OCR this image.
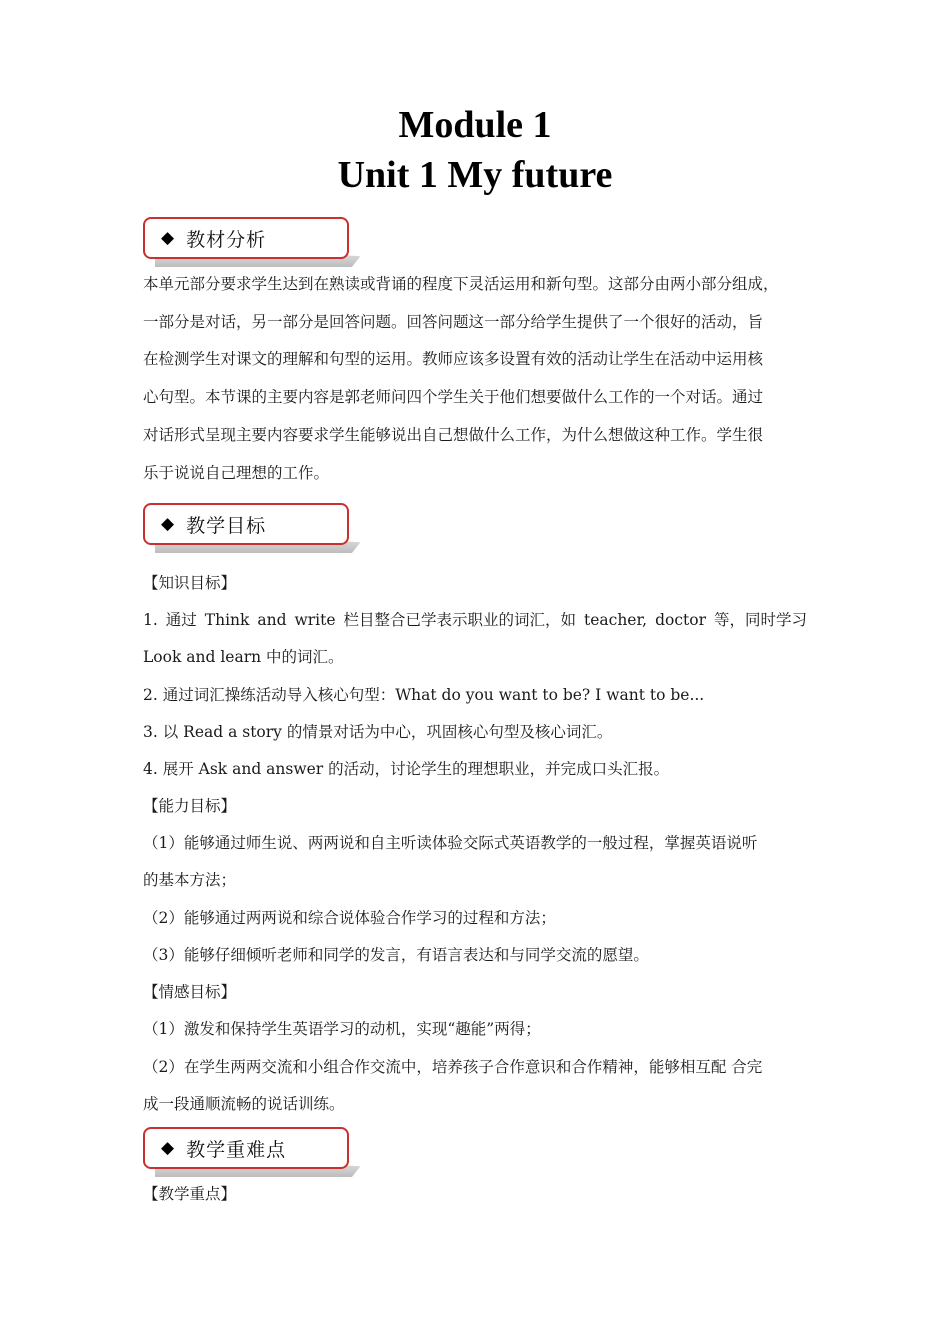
Module 1
Unit 1 My future
◆ 教材分析

本单元部分要求学生达到在熟读或背诵的程度下灵活运用和新句型。这部分由两小部分组成，

一部分是对话，另一部分是回答问题。回答问题这一部分给学生提供了一个很好的活动，旨

在检测学生对课文的理解和句型的运用。教师应该多设置有效的活动让学生在活动中运用核

心句型。本节课的主要内容是郭老师问四个学生关于他们想要做什么工作的一个对话。通过

对话形式呈现主要内容要求学生能够说出自己想做什么工作，为什么想做这种工作。学生很

乐于说说自己理想的工作。

◆ 教学目标
【知识目标】
1. 通过 Think and write 栏目整合已学表示职业的词汇，如 teacher, doctor 等，同时学习
Look and learn 中的词汇。
2. 通过词汇操练活动导入核心句型：What do you want to be? I want to be...
3. 以 Read a story 的情景对话为中心，巩固核心句型及核心词汇。
4. 展开 Ask and answer 的活动，讨论学生的理想职业，并完成口头汇报。
【能力目标】
（1）能够通过师生说、两两说和自主听读体验交际式英语教学的一般过程，掌握英语说听
的基本方法；
（2）能够通过两两说和综合说体验合作学习的过程和方法；
（3）能够仔细倾听老师和同学的发言，有语言表达和与同学交流的愿望。
【情感目标】
（1）激发和保持学生英语学习的动机，实现“趣能”两得；
（2）在学生两两交流和小组合作交流中，培养孩子合作意识和合作精神，能够相互配 合完
成一段通顺流畅的说话训练。
◆ 教学重难点
【教学重点】
